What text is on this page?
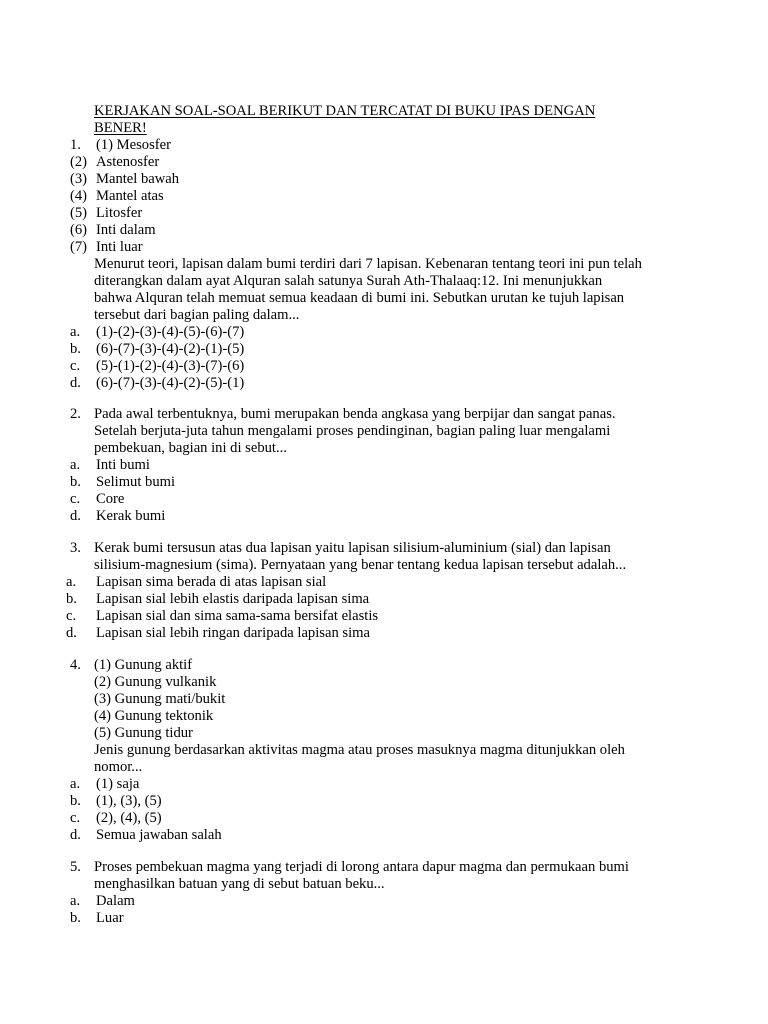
KERJAKAN SOAL-SOAL BERIKUT DAN TERCATAT DI BUKU IPAS DENGAN
BENER!
1. (1) Mesosfer
(2) Astenosfer
(3) Mantel bawah
(4) Mantel atas
(5) Litosfer
(6) Inti dalam
(7) Inti luar
Menurut teori, lapisan dalam bumi terdiri dari 7 lapisan. Kebenaran tentang teori ini pun telah
diterangkan dalam ayat Alquran salah satunya Surah Ath-Thalaaq:12. Ini menunjukkan
bahwa Alquran telah memuat semua keadaan di bumi ini. Sebutkan urutan ke tujuh lapisan
tersebut dari bagian paling dalam...
a. (1)-(2)-(3)-(4)-(5)-(6)-(7)
b. (6)-(7)-(3)-(4)-(2)-(1)-(5)
c. (5)-(1)-(2)-(4)-(3)-(7)-(6)
d. (6)-(7)-(3)-(4)-(2)-(5)-(1)
2. Pada awal terbentuknya, bumi merupakan benda angkasa yang berpijar dan sangat panas.
Setelah berjuta-juta tahun mengalami proses pendinginan, bagian paling luar mengalami
pembekuan, bagian ini di sebut...
a. Inti bumi
b. Selimut bumi
c. Core
d. Kerak bumi
3. Kerak bumi tersusun atas dua lapisan yaitu lapisan silisium-aluminium (sial) dan lapisan
silisium-magnesium (sima). Pernyataan yang benar tentang kedua lapisan tersebut adalah...
a. Lapisan sima berada di atas lapisan sial
b. Lapisan sial lebih elastis daripada lapisan sima
c. Lapisan sial dan sima sama-sama bersifat elastis
d. Lapisan sial lebih ringan daripada lapisan sima
4. (1) Gunung aktif
(2) Gunung vulkanik
(3) Gunung mati/bukit
(4) Gunung tektonik
(5) Gunung tidur
Jenis gunung berdasarkan aktivitas magma atau proses masuknya magma ditunjukkan oleh
nomor...
a. (1) saja
b. (1), (3), (5)
c. (2), (4), (5)
d. Semua jawaban salah
5. Proses pembekuan magma yang terjadi di lorong antara dapur magma dan permukaan bumi
menghasilkan batuan yang di sebut batuan beku...
a. Dalam
b. Luar
